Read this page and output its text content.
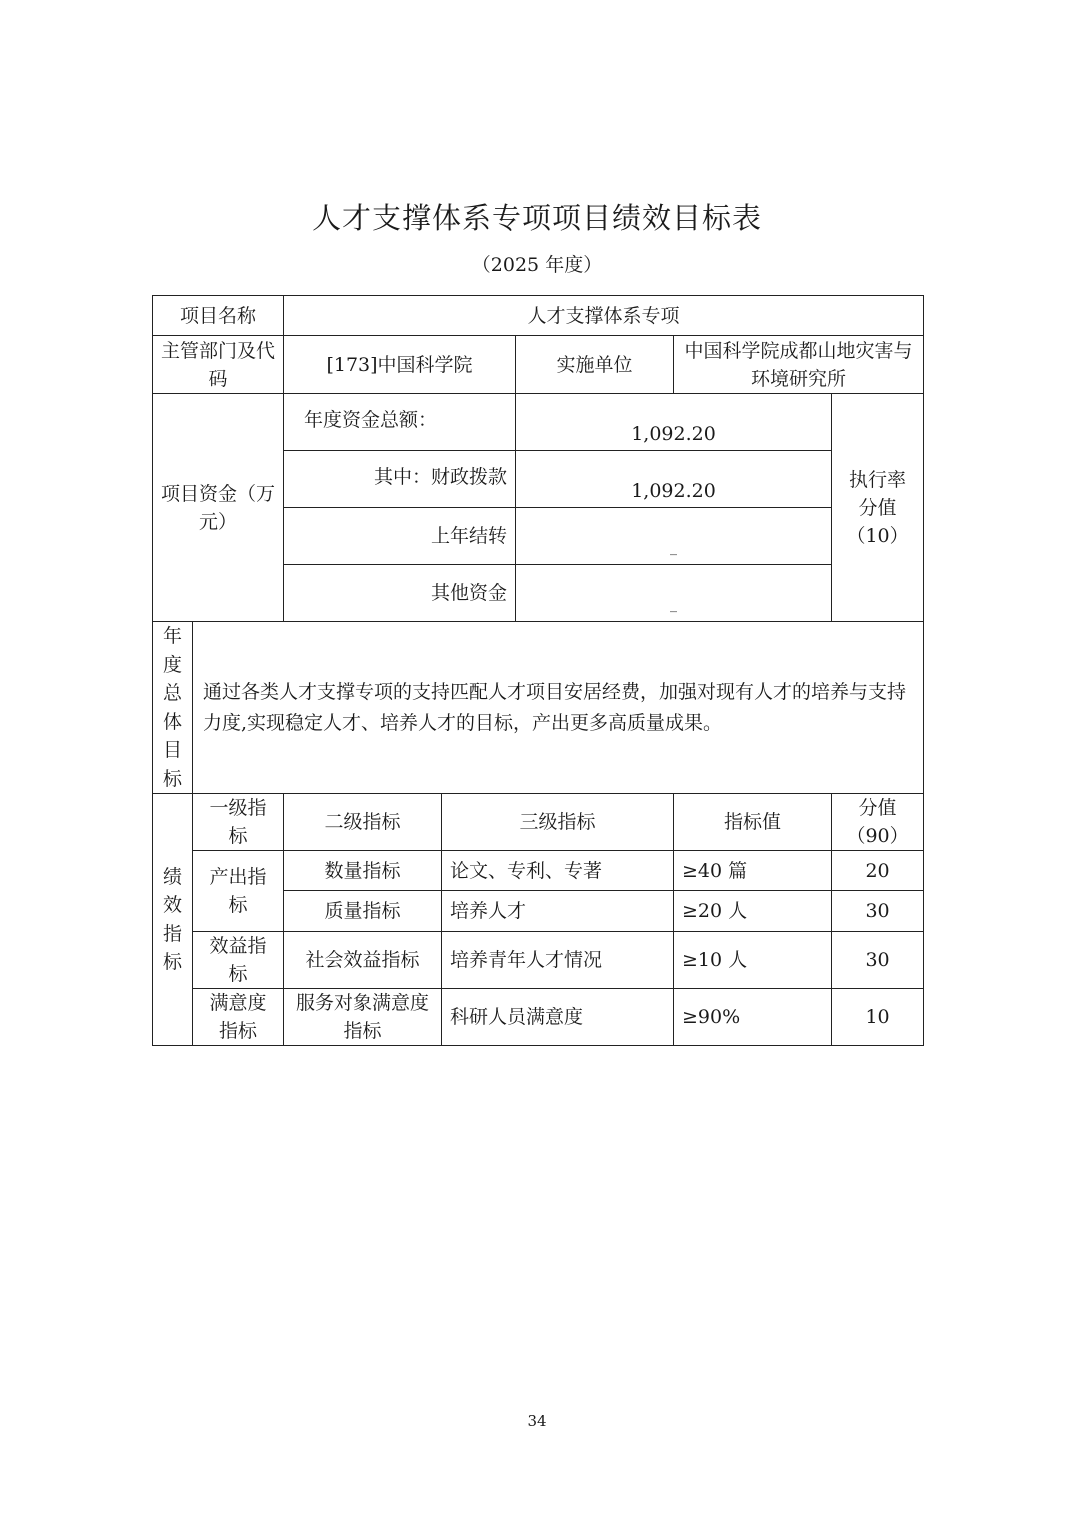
人才支撑体系专项项目绩效目标表
（2025 年度）
项目名称		人才支撑体系专项				
主管部门及代码		[173]中国科学院		实施单位	中国科学院成都山地灾害与环境研究所	
项目资金（万元）		年度资金总额：		1,092.20		执行率分值（10）
		其中：财政拨款		1,092.20		
		上年结转		_		
		其他资金		_		
年度总体目标	通过各类人才支撑专项的支持匹配人才项目安居经费，加强对现有人才的培养与支持力度,实现稳定人才、培养人才的目标，产出更多高质量成果。					
绩效指标	一级指标	二级指标	三级指标		指标值	分值（90）
	产出指标	数量指标	论文、专利、专著		≥40 篇	20
		质量指标	培养人才		≥20 人	30
	效益指标	社会效益指标	培养青年人才情况		≥10 人	30
	满意度指标	服务对象满意度指标	科研人员满意度		≥90%	10
34
